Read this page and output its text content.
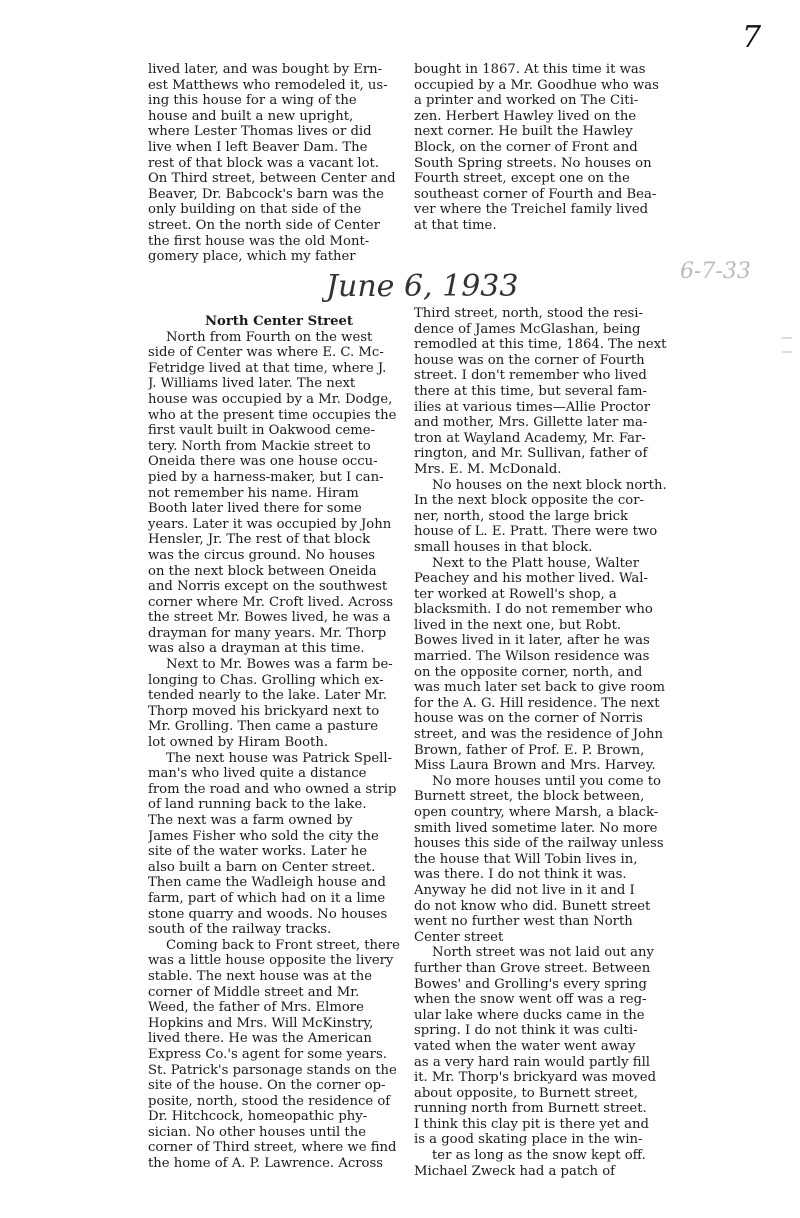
7
lived later, and was bought by Ern-
est Matthews who remodeled it, us-
ing this house for a wing of the
house and built a new upright,
where Lester Thomas lives or did
live when I left Beaver Dam. The
rest of that block was a vacant lot.
On Third street, between Center and
Beaver, Dr. Babcock's barn was the
only building on that side of the
street. On the north side of Center
the first house was the old Mont-
gomery place, which my father
bought in 1867. At this time it was
occupied by a Mr. Goodhue who was
a printer and worked on The Citi-
zen. Herbert Hawley lived on the
next corner. He built the Hawley
Block, on the corner of Front and
South Spring streets. No houses on
Fourth street, except one on the
southeast corner of Fourth and Bea-
ver where the Treichel family lived
at that time.
June 6, 1933	6-7-33
North Center Street
North from Fourth on the west
side of Center was where E. C. Mc-
Fetridge lived at that time, where J.
J. Williams lived later. The next
house was occupied by a Mr. Dodge,
who at the present time occupies the
first vault built in Oakwood ceme-
tery. North from Mackie street to
Oneida there was one house occu-
pied by a harness-maker, but I can-
not remember his name. Hiram
Booth later lived there for some
years. Later it was occupied by John
Hensler, Jr. The rest of that block
was the circus ground. No houses
on the next block between Oneida
and Norris except on the southwest
corner where Mr. Croft lived. Across
the street Mr. Bowes lived, he was a
drayman for many years. Mr. Thorp
was also a drayman at this time.
Next to Mr. Bowes was a farm be-
longing to Chas. Grolling which ex-
tended nearly to the lake. Later Mr.
Thorp moved his brickyard next to
Mr. Grolling. Then came a pasture
lot owned by Hiram Booth.
The next house was Patrick Spell-
man's who lived quite a distance
from the road and who owned a strip
of land running back to the lake.
The next was a farm owned by
James Fisher who sold the city the
site of the water works. Later he
also built a barn on Center street.
Then came the Wadleigh house and
farm, part of which had on it a lime
stone quarry and woods. No houses
south of the railway tracks.
Coming back to Front street, there
was a little house opposite the livery
stable. The next house was at the
corner of Middle street and Mr.
Weed, the father of Mrs. Elmore
Hopkins and Mrs. Will McKinstry,
lived there. He was the American
Express Co.'s agent for some years.
St. Patrick's parsonage stands on the
site of the house. On the corner op-
posite, north, stood the residence of
Dr. Hitchcock, homeopathic phy-
sician. No other houses until the
corner of Third street, where we find
the home of A. P. Lawrence. Across
Third street, north, stood the resi-
dence of James McGlashan, being
remodled at this time, 1864. The next
house was on the corner of Fourth
street. I don't remember who lived
there at this time, but several fam-
ilies at various times—Allie Proctor
and mother, Mrs. Gillette later ma-
tron at Wayland Academy, Mr. Far-
rington, and Mr. Sullivan, father of
Mrs. E. M. McDonald.
No houses on the next block north.
In the next block opposite the cor-
ner, north, stood the large brick
house of L. E. Pratt. There were two
small houses in that block.
Next to the Platt house, Walter
Peachey and his mother lived. Wal-
ter worked at Rowell's shop, a
blacksmith. I do not remember who
lived in the next one, but Robt.
Bowes lived in it later, after he was
married. The Wilson residence was
on the opposite corner, north, and
was much later set back to give room
for the A. G. Hill residence. The next
house was on the corner of Norris
street, and was the residence of John
Brown, father of Prof. E. P. Brown,
Miss Laura Brown and Mrs. Harvey.
No more houses until you come to
Burnett street, the block between,
open country, where Marsh, a black-
smith lived sometime later. No more
houses this side of the railway unless
the house that Will Tobin lives in,
was there. I do not think it was.
Anyway he did not live in it and I
do not know who did. Bunett street
went no further west than North
Center street
North street was not laid out any
further than Grove street. Between
Bowes' and Grolling's every spring
when the snow went off was a reg-
ular lake where ducks came in the
spring. I do not think it was culti-
vated when the water went away
as a very hard rain would partly fill
it. Mr. Thorp's brickyard was moved
about opposite, to Burnett street,
running north from Burnett street.
I think this clay pit is there yet and
is a good skating place in the win-
ter as long as the snow kept off.
Michael Zweck had a patch of
